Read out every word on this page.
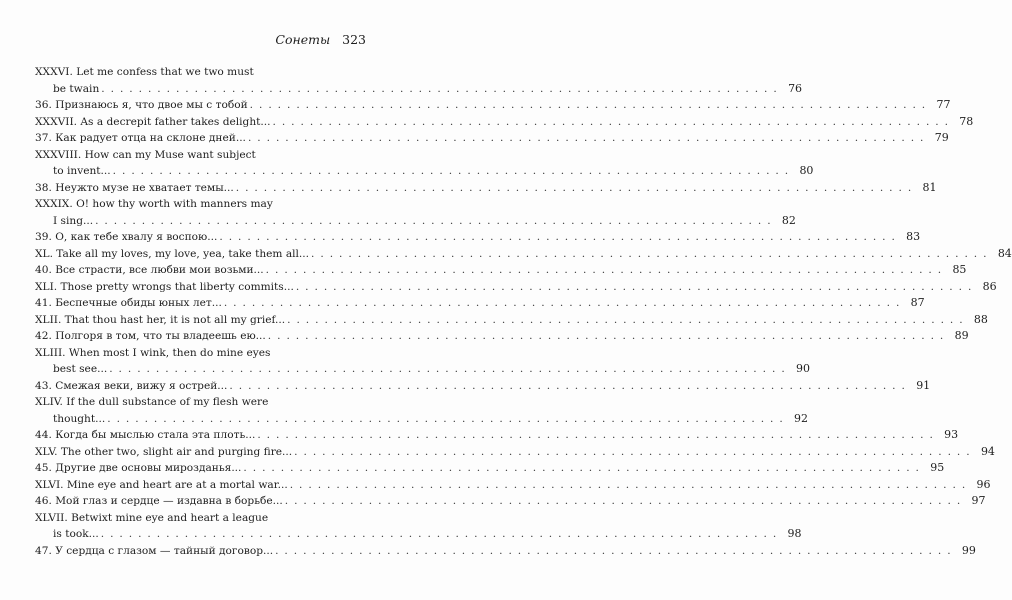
Сонеты 323
XXXVI. Let me confess that we two must
be twain . . .	76
36. Признаюсь я, что двое мы с тобой . . .	77
XXXVII. As a decrepit father takes delight... . . .	78
37. Как радует отца на склоне дней... . . .	79
XXXVIII. How can my Muse want subject
to invent... . . .	80
38. Неужто музе не хватает темы... . . .	81
XXXIX. O! how thy worth with manners may
I sing... . . .	82
39. О, как тебе хвалу я воспою... . . .	83
XL. Take all my loves, my love, yea, take them all... . . .	84
40. Все страсти, все любви мои возьми... . . .	85
XLI. Those pretty wrongs that liberty commits... . . .	86
41. Беспечные обиды юных лет... . . .	87
XLII. That thou hast her, it is not all my grief... . . .	88
42. Полгоря в том, что ты владеешь ею... . . .	89
XLIII. When most I wink, then do mine eyes
best see... . . .	90
43. Смежая веки, вижу я острей... . . .	91
XLIV. If the dull substance of my flesh were
thought... . . .	92
44. Когда бы мыслью стала эта плоть... . . .	93
XLV. The other two, slight air and purging fire... . . .	94
45. Другие две основы мирозданья... . . .	95
XLVI. Mine eye and heart are at a mortal war... . . .	96
46. Мой глаз и сердце — издавна в борьбе... . . .	97
XLVII. Betwixt mine eye and heart a league
is took... . . .	98
47. У сердца с глазом — тайный договор... . . .	99
